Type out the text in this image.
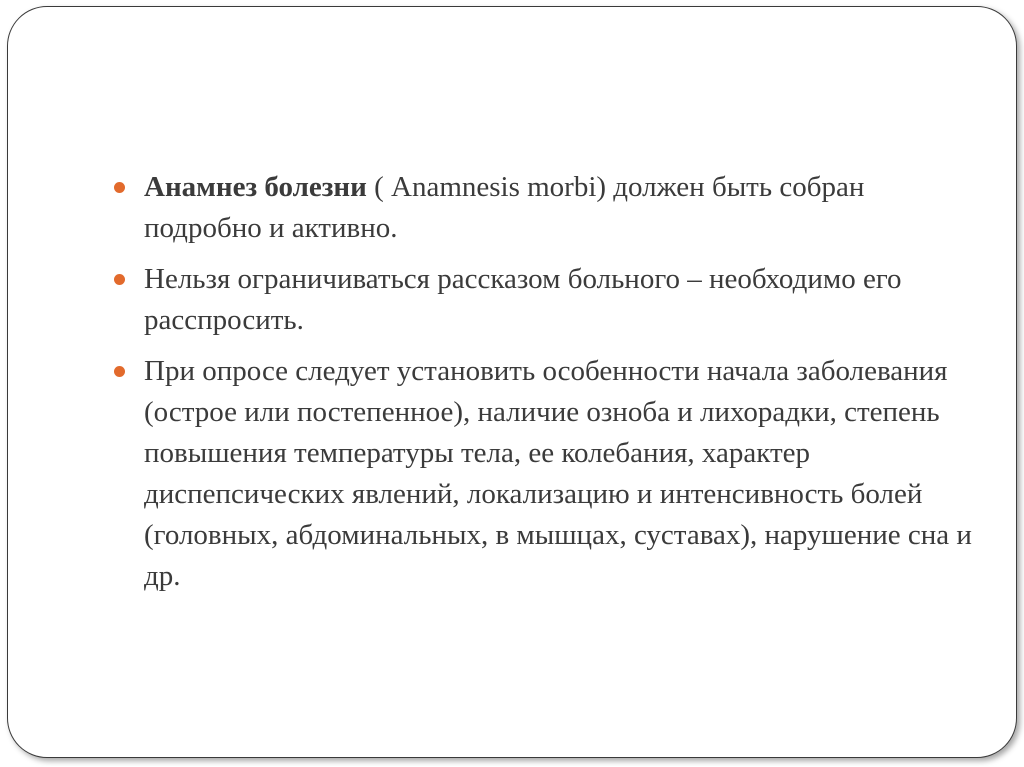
Анамнез болезни ( Anamnesis morbi) должен быть собран подробно и активно.
Нельзя ограничиваться рассказом больного – необходимо его расспросить.
При опросе следует установить особенности начала заболевания (острое или постепенное), наличие озноба и лихорадки, степень повышения температуры тела, ее колебания, характер диспепсических явлений, локализацию и интенсивность болей (головных, абдоминальных, в мышцах, суставах), нарушение сна и др.
